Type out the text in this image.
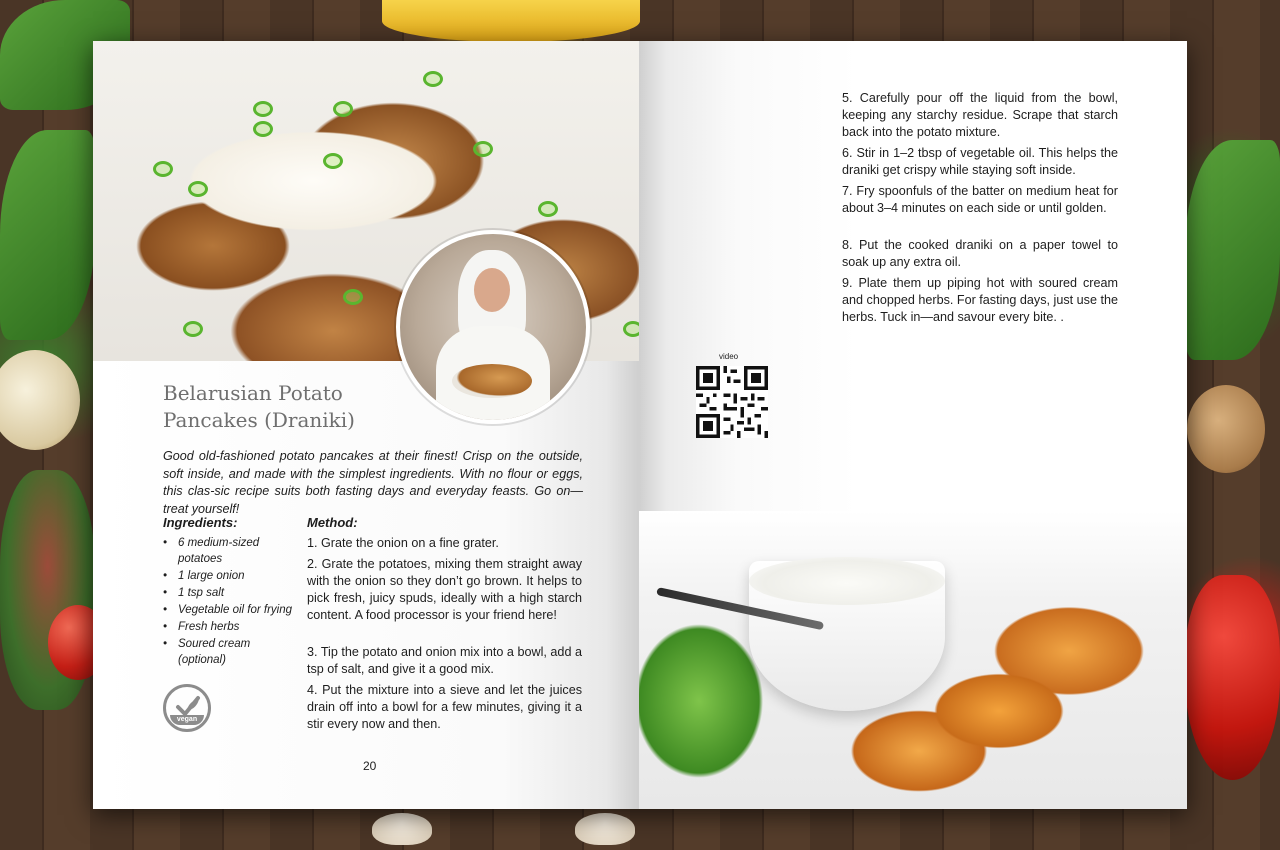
Belarusian Potato
Pancakes (Draniki)

Good old-fashioned potato pancakes at their finest! Crisp on the outside, soft inside, and made with the simplest ingredients. With no flour or eggs, this clas-sic recipe suits both fasting days and everyday feasts. Go on—treat yourself!

Ingredients:
• 6 medium-sized potatoes
• 1 large onion
• 1 tsp salt
• Vegetable oil for frying
• Fresh herbs
• Soured cream (optional)
Method:

1. Grate the onion on a fine grater.

2. Grate the potatoes, mixing them straight away with the onion so they don’t go brown. It helps to pick fresh, juicy spuds, ideally with a high starch content. A food processor is your friend here!

3. Tip the potato and onion mix into a bowl, add a tsp of salt, and give it a good mix.

4. Put the mixture into a sieve and let the juices drain off into a bowl for a few minutes, giving it a stir every now and then.

vegan
20

5. Carefully pour off the liquid from the bowl, keeping any starchy residue. Scrape that starch back into the potato mixture.

6. Stir in 1–2 tbsp of vegetable oil. This helps the draniki get crispy while staying soft inside.

7. Fry spoonfuls of the batter on medium heat for about 3–4 minutes on each side or until golden.

8. Put the cooked draniki on a paper towel to soak up any extra oil.

9. Plate them up piping hot with soured cream and chopped herbs. For fasting days, just use the herbs. Tuck in—and savour every bite. .

video
